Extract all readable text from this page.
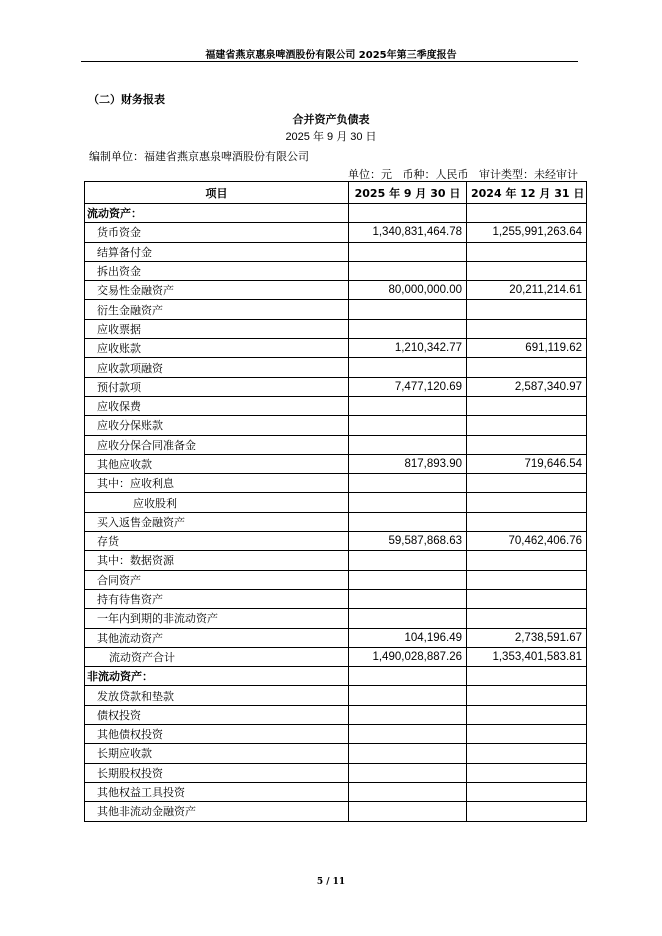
福建省燕京惠泉啤酒股份有限公司 2025年第三季度报告
（二）财务报表
合并资产负债表
2025 年 9 月 30 日
编制单位：福建省燕京惠泉啤酒股份有限公司
单位：元   币种：人民币   审计类型：未经审计
项目	2025 年 9 月 30 日	2024 年 12 月 31 日
流动资产：		
货币资金	1,340,831,464.78	1,255,991,263.64
结算备付金		
拆出资金		
交易性金融资产	80,000,000.00	20,211,214.61
衍生金融资产		
应收票据		
应收账款	1,210,342.77	691,119.62
应收款项融资		
预付款项	7,477,120.69	2,587,340.97
应收保费		
应收分保账款		
应收分保合同准备金		
其他应收款	817,893.90	719,646.54
其中：应收利息		
应收股利		
买入返售金融资产		
存货	59,587,868.63	70,462,406.76
其中：数据资源		
合同资产		
持有待售资产		
一年内到期的非流动资产		
其他流动资产	104,196.49	2,738,591.67
流动资产合计	1,490,028,887.26	1,353,401,583.81
非流动资产：		
发放贷款和垫款		
债权投资		
其他债权投资		
长期应收款		
长期股权投资		
其他权益工具投资		
其他非流动金融资产		
5 / 11
